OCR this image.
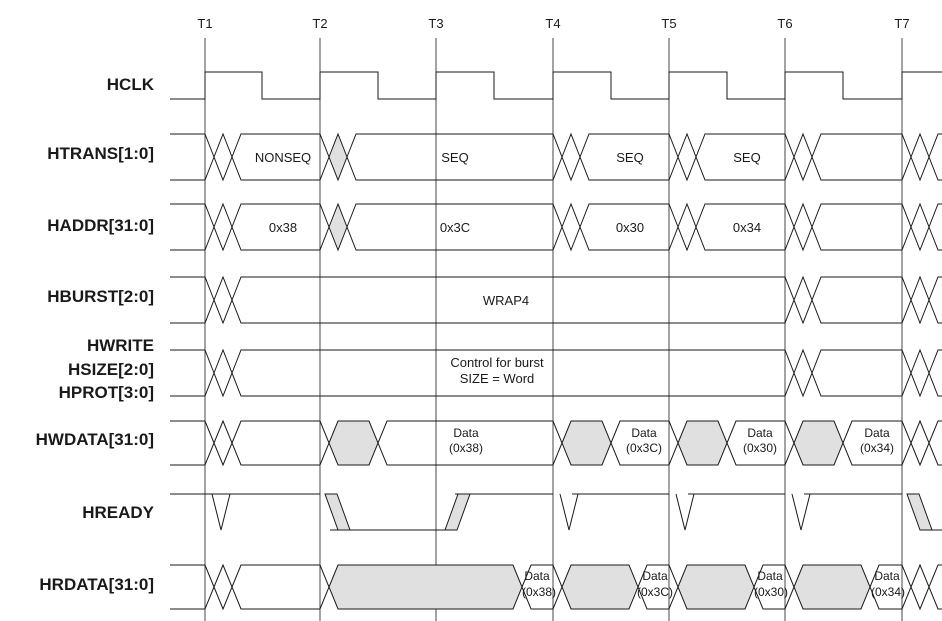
T1	T2	T3	T4	T5	T6	T7
HCLK
HTRANS[1:0]
HADDR[31:0]
HBURST[2:0]
HWRITE
HSIZE[2:0]
HPROT[3:0]
HWDATA[31:0]
HREADY
HRDATA[31:0]
NONSEQ	SEQ	SEQ	SEQ
0x38	0x3C	0x30	0x34
WRAP4
Control for burst
SIZE = Word
Data
(0x38)
Data
(0x3C)
Data
(0x30)
Data
(0x34)
Data
(0x38)
Data
(0x3C)
Data
(0x30)
Data
(0x34)
